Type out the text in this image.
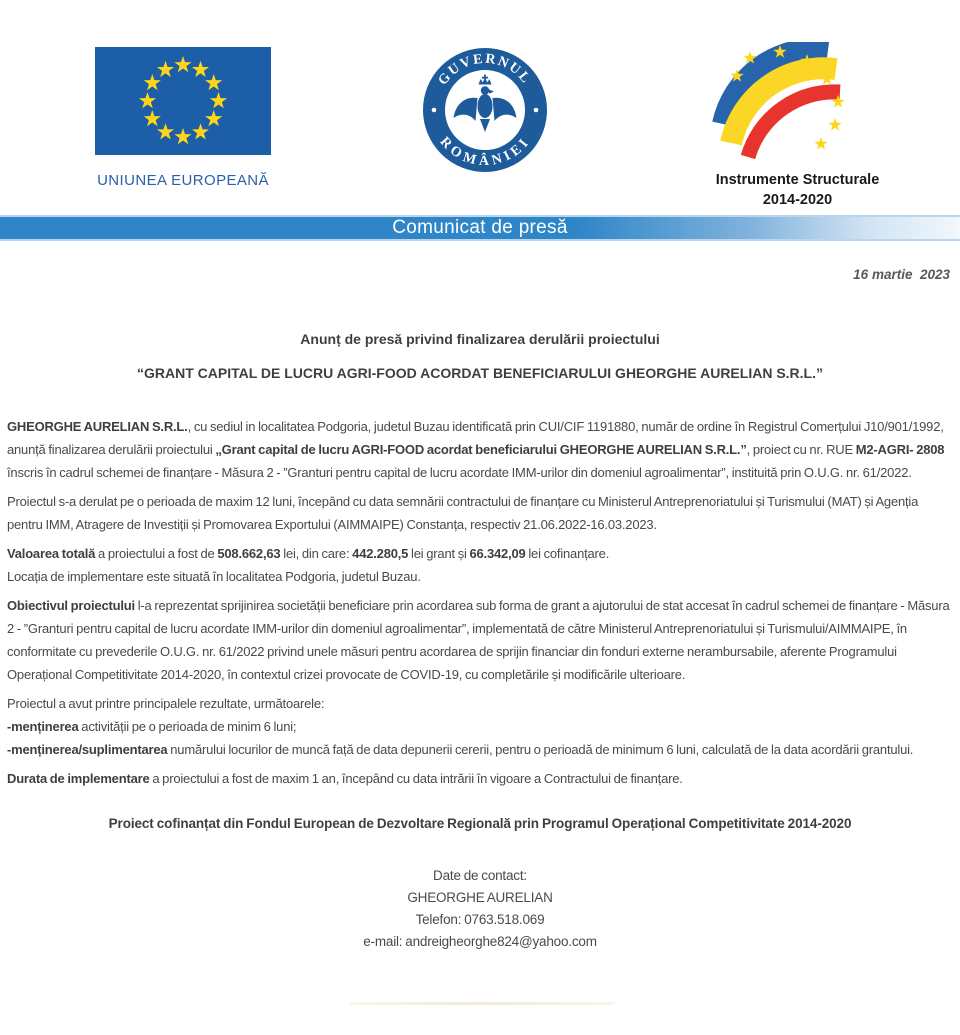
UNIUNEA EUROPEANĂ
GUVERNUL
ROMÂNIEI
Instrumente Structurale
2014-2020
Comunicat de presă
16 martie  2023
Anunț de presă privind finalizarea derulării proiectului
“GRANT CAPITAL DE LUCRU AGRI-FOOD ACORDAT BENEFICIARULUI GHEORGHE AURELIAN S.R.L.”
GHEORGHE AURELIAN S.R.L., cu sediul in localitatea Podgoria, judetul Buzau identificată prin CUI/CIF 1191880, număr de ordine în Registrul Comerțului J10/901/1992, anunță finalizarea derulării proiectului „Grant capital de lucru AGRI-FOOD acordat beneficiarului GHEORGHE AURELIAN S.R.L.”, proiect cu nr. RUE M2-AGRI- 2808 înscris în cadrul schemei de finanțare - Măsura 2 - ”Granturi pentru capital de lucru acordate IMM-urilor din domeniul agroalimentar”, instituită prin O.U.G. nr. 61/2022.
Proiectul s-a derulat pe o perioada de maxim 12 luni, începând cu data semnării contractului de finanțare cu Ministerul Antreprenoriatului și Turismului (MAT) și Agenția pentru IMM, Atragere de Investiții și Promovarea Exportului (AIMMAIPE) Constanța, respectiv 21.06.2022-16.03.2023.
Valoarea totală a proiectului a fost de 508.662,63 lei, din care: 442.280,5 lei grant și 66.342,09 lei cofinanțare.
Locația de implementare este situată în localitatea Podgoria, judetul Buzau.
Obiectivul proiectului l-a reprezentat sprijinirea societății beneficiare prin acordarea sub forma de grant a ajutorului de stat accesat în cadrul schemei de finanțare - Măsura 2 - ”Granturi pentru capital de lucru acordate IMM-urilor din domeniul agroalimentar”, implementată de către Ministerul Antreprenoriatului și Turismului/AIMMAIPE, în conformitate cu prevederile O.U.G. nr. 61/2022 privind unele măsuri pentru acordarea de sprijin financiar din fonduri externe nerambursabile, aferente Programului Operațional Competitivitate 2014-2020, în contextul crizei provocate de COVID-19, cu completările și modificările ulterioare.
Proiectul a avut printre principalele rezultate, următoarele:
-menținerea activității pe o perioada de minim 6 luni;
-menținerea/suplimentarea numărului locurilor de muncă față de data depunerii cererii, pentru o perioadă de minimum 6 luni, calculată de la data acordării grantului.
Durata de implementare a proiectului a fost de maxim 1 an, începând cu data intrării în vigoare a Contractului de finanțare.
Proiect cofinanțat din Fondul European de Dezvoltare Regională prin Programul Operațional Competitivitate 2014-2020
Date de contact:
GHEORGHE AURELIAN
Telefon: 0763.518.069
e-mail: andreigheorghe824@yahoo.com
